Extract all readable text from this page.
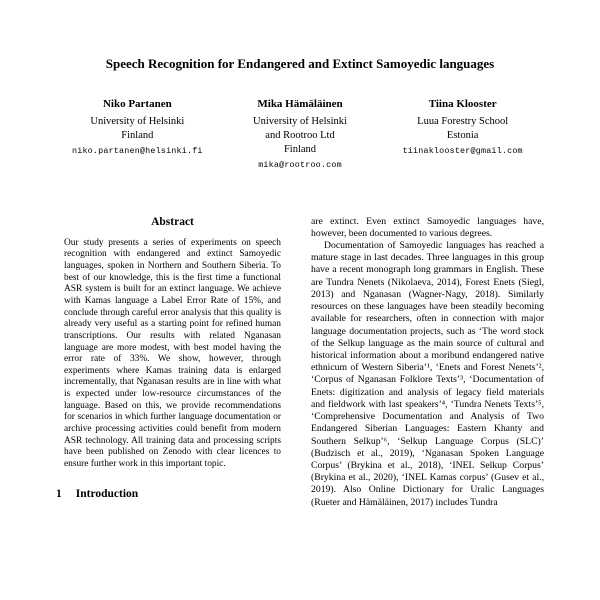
Speech Recognition for Endangered and Extinct Samoyedic languages
Niko Partanen
University of Helsinki
Finland
niko.partanen@helsinki.fi
Mika Hämäläinen
University of Helsinki
and Rootroo Ltd
Finland
mika@rootroo.com
Tiina Klooster
Luua Forestry School
Estonia
tiinaklooster@gmail.com
Abstract

Our study presents a series of experiments on speech recognition with endangered and extinct Samoyedic languages, spoken in Northern and Southern Siberia. To best of our knowledge, this is the first time a functional ASR system is built for an extinct language. We achieve with Kamas language a Label Error Rate of 15%, and conclude through careful error analysis that this quality is already very useful as a starting point for refined human transcriptions. Our results with related Nganasan language are more modest, with best model having the error rate of 33%. We show, however, through experiments where Kamas training data is enlarged incrementally, that Nganasan results are in line with what is expected under low-resource circumstances of the language. Based on this, we provide recommendations for scenarios in which further language documentation or archive processing activities could benefit from modern ASR technology. All training data and processing scripts have been published on Zenodo with clear licences to ensure further work in this important topic.

1 Introduction

are extinct. Even extinct Samoyedic languages have, however, been documented to various degrees.

Documentation of Samoyedic languages has reached a mature stage in last decades. Three languages in this group have a recent monograph long grammars in English. These are Tundra Nenets (Nikolaeva, 2014), Forest Enets (Siegl, 2013) and Nganasan (Wagner-Nagy, 2018). Similarly resources on these languages have been steadily becoming available for researchers, often in connection with major language documentation projects, such as ‘The word stock of the Selkup language as the main source of cultural and historical information about a moribund endangered native ethnicum of Western Siberia’¹, ‘Enets and Forest Nenets’², ‘Corpus of Nganasan Folklore Texts’³, ‘Documentation of Enets: digitization and analysis of legacy field materials and fieldwork with last speakers’⁴, ‘Tundra Nenets Texts’⁵, ‘Comprehensive Documentation and Analysis of Two Endangered Siberian Languages: Eastern Khanty and Southern Selkup’⁶, ‘Selkup Language Corpus (SLC)’ (Budzisch et al., 2019), ‘Nganasan Spoken Language Corpus’ (Brykina et al., 2018), ‘INEL Selkup Corpus’ (Brykina et al., 2020), ‘INEL Kamas corpus’ (Gusev et al., 2019). Also Online Dictionary for Uralic Languages (Rueter and Hämäläinen, 2017) includes Tundra
